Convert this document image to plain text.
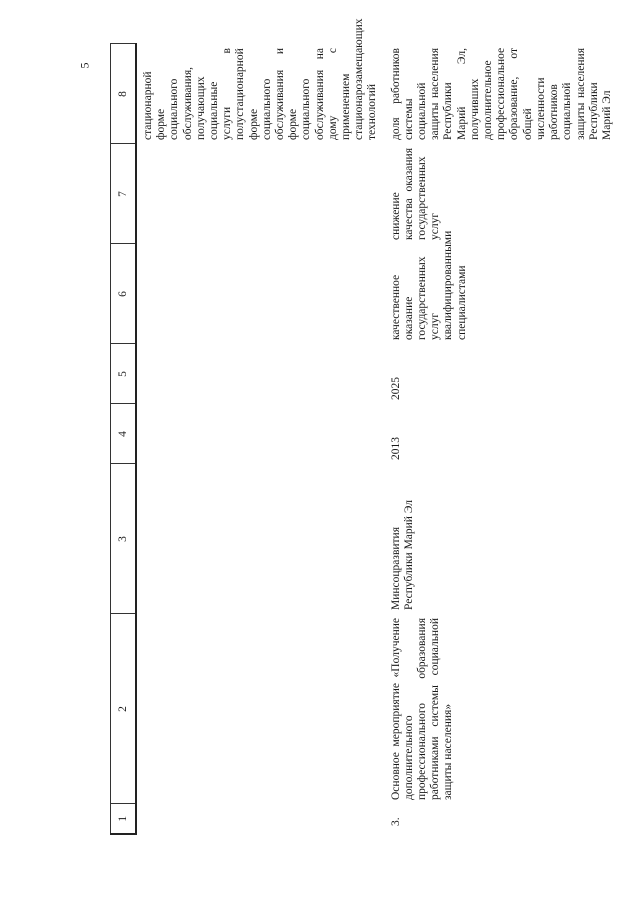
5
1	2	3	4	5	6	7	8
							стационарной форме социального обслуживания, получающих социальные услуги в полустационарной форме социального обслуживания и форме социального обслуживания на дому с применением стационарозамещающих технологий
3.	Основное мероприятие «Получение дополнительного профессионального образования работниками системы социальной защиты населения»	Минсоцразвития Республики Марий Эл	2013	2025	качественное оказание государственных услуг квалифицированными специалистами	снижение качества оказания государственных услуг	доля работников системы социальной защиты населения Республики Марий Эл, получивших дополнительное профессиональное образование, от общей численности работников социальной защиты населения Республики Марий Эл
